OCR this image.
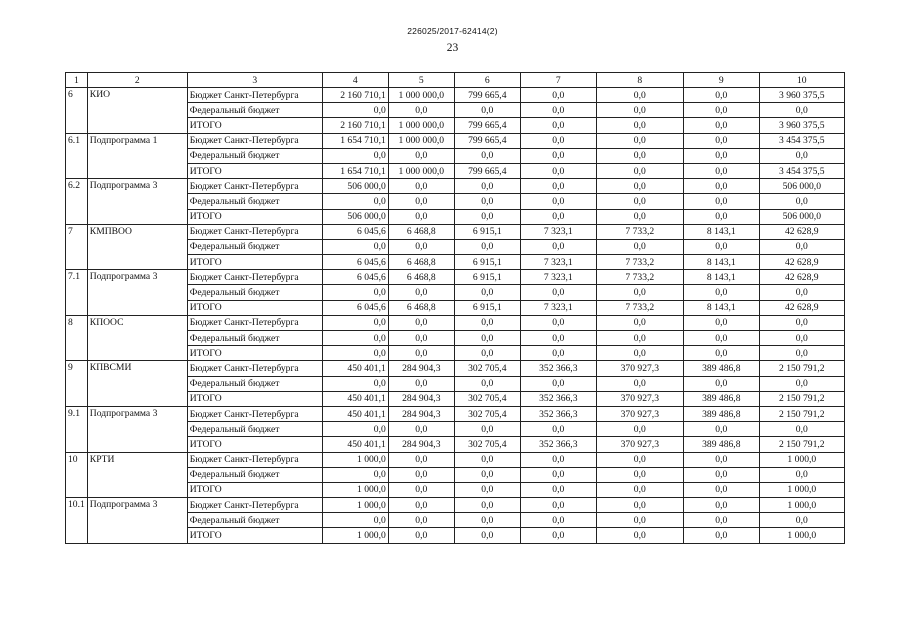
226025/2017-62414(2)
23
1	2	3	4	5	6	7	8	9	10
6	КИО	Бюджет Санкт-Петербурга	2 160 710,1	1 000 000,0	799 665,4	0,0	0,0	0,0	3 960 375,5
		Федеральный бюджет	0,0	0,0	0,0	0,0	0,0	0,0	0,0
		ИТОГО	2 160 710,1	1 000 000,0	799 665,4	0,0	0,0	0,0	3 960 375,5
6.1	Подпрограмма 1	Бюджет Санкт-Петербурга	1 654 710,1	1 000 000,0	799 665,4	0,0	0,0	0,0	3 454 375,5
		Федеральный бюджет	0,0	0,0	0,0	0,0	0,0	0,0	0,0
		ИТОГО	1 654 710,1	1 000 000,0	799 665,4	0,0	0,0	0,0	3 454 375,5
6.2	Подпрограмма 3	Бюджет Санкт-Петербурга	506 000,0	0,0	0,0	0,0	0,0	0,0	506 000,0
		Федеральный бюджет	0,0	0,0	0,0	0,0	0,0	0,0	0,0
		ИТОГО	506 000,0	0,0	0,0	0,0	0,0	0,0	506 000,0
7	КМПВОО	Бюджет Санкт-Петербурга	6 045,6	6 468,8	6 915,1	7 323,1	7 733,2	8 143,1	42 628,9
		Федеральный бюджет	0,0	0,0	0,0	0,0	0,0	0,0	0,0
		ИТОГО	6 045,6	6 468,8	6 915,1	7 323,1	7 733,2	8 143,1	42 628,9
7.1	Подпрограмма 3	Бюджет Санкт-Петербурга	6 045,6	6 468,8	6 915,1	7 323,1	7 733,2	8 143,1	42 628,9
		Федеральный бюджет	0,0	0,0	0,0	0,0	0,0	0,0	0,0
		ИТОГО	6 045,6	6 468,8	6 915,1	7 323,1	7 733,2	8 143,1	42 628,9
8	КПООС	Бюджет Санкт-Петербурга	0,0	0,0	0,0	0,0	0,0	0,0	0,0
		Федеральный бюджет	0,0	0,0	0,0	0,0	0,0	0,0	0,0
		ИТОГО	0,0	0,0	0,0	0,0	0,0	0,0	0,0
9	КПВСМИ	Бюджет Санкт-Петербурга	450 401,1	284 904,3	302 705,4	352 366,3	370 927,3	389 486,8	2 150 791,2
		Федеральный бюджет	0,0	0,0	0,0	0,0	0,0	0,0	0,0
		ИТОГО	450 401,1	284 904,3	302 705,4	352 366,3	370 927,3	389 486,8	2 150 791,2
9.1	Подпрограмма 3	Бюджет Санкт-Петербурга	450 401,1	284 904,3	302 705,4	352 366,3	370 927,3	389 486,8	2 150 791,2
		Федеральный бюджет	0,0	0,0	0,0	0,0	0,0	0,0	0,0
		ИТОГО	450 401,1	284 904,3	302 705,4	352 366,3	370 927,3	389 486,8	2 150 791,2
10	КРТИ	Бюджет Санкт-Петербурга	1 000,0	0,0	0,0	0,0	0,0	0,0	1 000,0
		Федеральный бюджет	0,0	0,0	0,0	0,0	0,0	0,0	0,0
		ИТОГО	1 000,0	0,0	0,0	0,0	0,0	0,0	1 000,0
10.1	Подпрограмма 3	Бюджет Санкт-Петербурга	1 000,0	0,0	0,0	0,0	0,0	0,0	1 000,0
		Федеральный бюджет	0,0	0,0	0,0	0,0	0,0	0,0	0,0
		ИТОГО	1 000,0	0,0	0,0	0,0	0,0	0,0	1 000,0
